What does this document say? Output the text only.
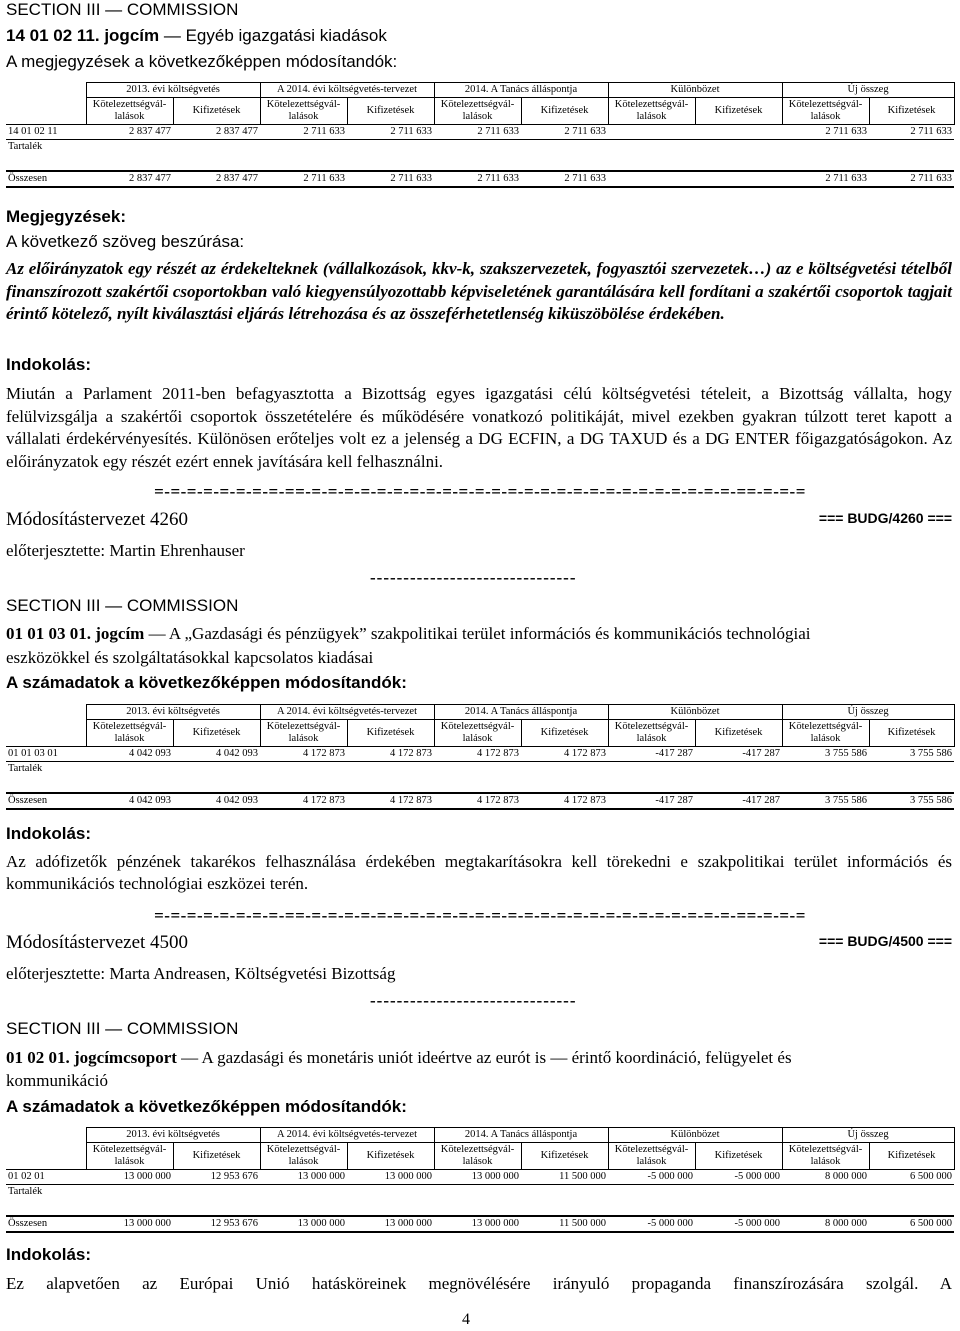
SECTION III — COMMISSION
14 01 02 11. jogcím — Egyéb igazgatási kiadások
A megjegyzések a következőképpen módosítandók:
	2013. évi költségvetés		A 2014. évi költségvetés-tervezet		2014. A Tanács álláspontja		Különbözet		Új összeg	
	Kötelezettségvállalások	Kifizetések	Kötelezettségvállalások	Kifizetések	Kötelezettségvállalások	Kifizetések	Kötelezettségvállalások	Kifizetések	Kötelezettségvállalások	Kifizetések
14 01 02 11	2 837 477	2 837 477	2 711 633	2 711 633	2 711 633	2 711 633			2 711 633	2 711 633
Tartalék										

Összesen	2 837 477	2 837 477	2 711 633	2 711 633	2 711 633	2 711 633			2 711 633	2 711 633
Megjegyzések:
A következő szöveg beszúrása:
Az előirányzatok egy részét az érdekelteknek (vállalkozások, kkv-k, szakszervezetek, fogyasztói szervezetek…) az e költségvetési tételből finanszírozott szakértői csoportokban való kiegyensúlyozottabb képviseletének garantálására kell fordítani a szakértői csoportok tagjait érintő kötelező, nyílt kiválasztási eljárás létrehozása és az összeférhetetlenség kiküszöbölése érdekében.
Indokolás:
Miután a Parlament 2011-ben befagyasztotta a Bizottság egyes igazgatási célú költségvetési tételeit, a Bizottság vállalta, hogy felülvizsgálja a szakértői csoportok összetételére és működésére vonatkozó politikáját, mivel ezekben gyakran túlzott teret kapott a vállalati érdekérvényesítés. Különösen erőteljes volt ez a jelenség a DG ECFIN, a DG TAXUD és a DG ENTER főigazgatóságokon. Az előirányzatok egy részét ezért ennek javítására kell felhasználni.
=-=-=-=-=-=-=-=-==-=-=-=-=-=-=-=-=-=-=-=-=-=-=-=-=-=-=-=-=-=-=-=-=-=-=-==-=-=-=
Módosítástervezet 4260	=== BUDG/4260 ===
előterjesztette: Martin Ehrenhauser
-------------------------------
SECTION III — COMMISSION
01 01 03 01. jogcím — A „Gazdasági és pénzügyek” szakpolitikai terület információs és kommunikációs technológiai
eszközökkel és szolgáltatásokkal kapcsolatos kiadásai
A számadatok a következőképpen módosítandók:
	2013. évi költségvetés		A 2014. évi költségvetés-tervezet		2014. A Tanács álláspontja		Különbözet		Új összeg	
	Kötelezettségvállalások	Kifizetések	Kötelezettségvállalások	Kifizetések	Kötelezettségvállalások	Kifizetések	Kötelezettségvállalások	Kifizetések	Kötelezettségvállalások	Kifizetések
01 01 03 01	4 042 093	4 042 093	4 172 873	4 172 873	4 172 873	4 172 873	-417 287	-417 287	3 755 586	3 755 586
Tartalék										

Összesen	4 042 093	4 042 093	4 172 873	4 172 873	4 172 873	4 172 873	-417 287	-417 287	3 755 586	3 755 586
Indokolás:
Az adófizetők pénzének takarékos felhasználása érdekében megtakarításokra kell törekedni e szakpolitikai terület információs és kommunikációs technológiai eszközei terén.
=-=-=-=-=-=-=-=-==-=-=-=-=-=-=-=-=-=-=-=-=-=-=-=-=-=-=-=-=-=-=-=-=-=-=-==-=-=-=
Módosítástervezet 4500	=== BUDG/4500 ===
előterjesztette: Marta Andreasen, Költségvetési Bizottság
-------------------------------
SECTION III — COMMISSION
01 02 01. jogcímcsoport — A gazdasági és monetáris uniót ideértve az eurót is — érintő koordináció, felügyelet és
kommunikáció
A számadatok a következőképpen módosítandók:
	2013. évi költségvetés		A 2014. évi költségvetés-tervezet		2014. A Tanács álláspontja		Különbözet		Új összeg	
	Kötelezettségvállalások	Kifizetések	Kötelezettségvállalások	Kifizetések	Kötelezettségvállalások	Kifizetések	Kötelezettségvállalások	Kifizetések	Kötelezettségvállalások	Kifizetések
01 02 01	13 000 000	12 953 676	13 000 000	13 000 000	13 000 000	11 500 000	-5 000 000	-5 000 000	8 000 000	6 500 000
Tartalék										

Összesen	13 000 000	12 953 676	13 000 000	13 000 000	13 000 000	11 500 000	-5 000 000	-5 000 000	8 000 000	6 500 000
Indokolás:
Ez alapvetően az Európai Unió hatásköreinek megnövélésére irányuló propaganda finanszírozására szolgál. A
4
